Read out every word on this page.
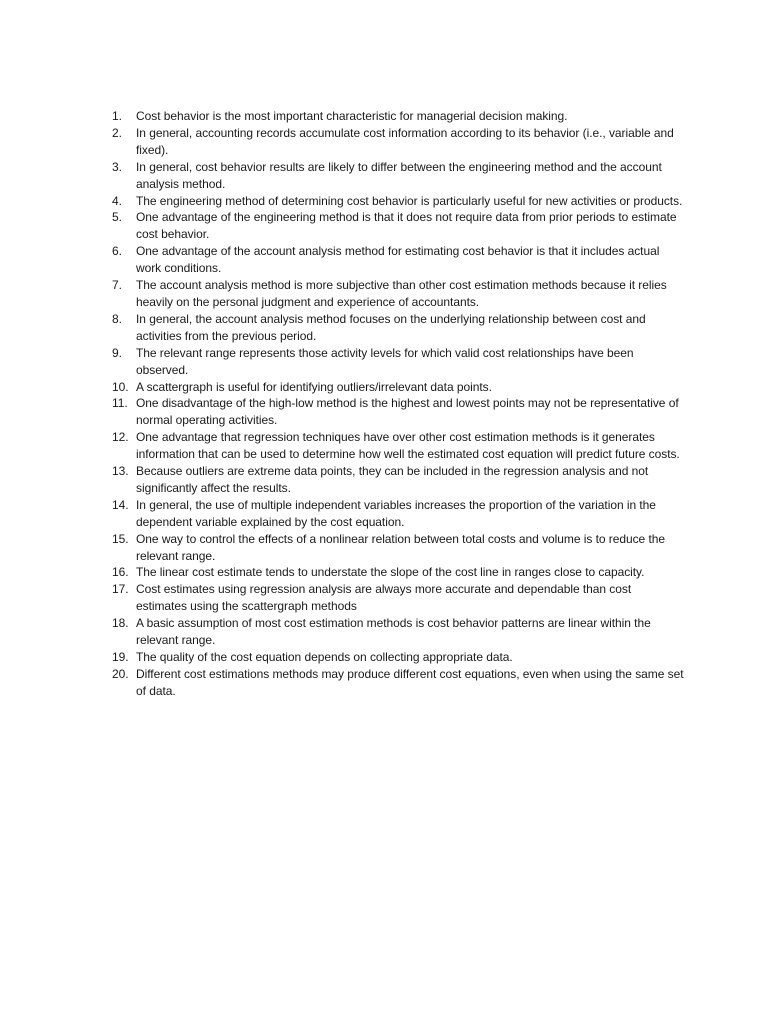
1.	Cost behavior is the most important characteristic for managerial decision making.
2.	In general, accounting records accumulate cost information according to its behavior (i.e., variable and fixed).
3.	In general, cost behavior results are likely to differ between the engineering method and the account analysis method.
4.	The engineering method of determining cost behavior is particularly useful for new activities or products.
5.	One advantage of the engineering method is that it does not require data from prior periods to estimate cost behavior.
6.	One advantage of the account analysis method for estimating cost behavior is that it includes actual work conditions.
7.	The account analysis method is more subjective than other cost estimation methods because it relies heavily on the personal judgment and experience of accountants.
8.	In general, the account analysis method focuses on the underlying relationship between cost and activities from the previous period.
9.	The relevant range represents those activity levels for which valid cost relationships have been observed.
10. A scattergraph is useful for identifying outliers/irrelevant data points.
11. One disadvantage of the high-low method is the highest and lowest points may not be representative of normal operating activities.
12. One advantage that regression techniques have over other cost estimation methods is it generates information that can be used to determine how well the estimated cost equation will predict future costs.
13. Because outliers are extreme data points, they can be included in the regression analysis and not significantly affect the results.
14. In general, the use of multiple independent variables increases the proportion of the variation in the dependent variable explained by the cost equation.
15. One way to control the effects of a nonlinear relation between total costs and volume is to reduce the relevant range.
16. The linear cost estimate tends to understate the slope of the cost line in ranges close to capacity.
17. Cost estimates using regression analysis are always more accurate and dependable than cost estimates using the scattergraph methods
18. A basic assumption of most cost estimation methods is cost behavior patterns are linear within the relevant range.
19. The quality of the cost equation depends on collecting appropriate data.
20. Different cost estimations methods may produce different cost equations, even when using the same set of data.
